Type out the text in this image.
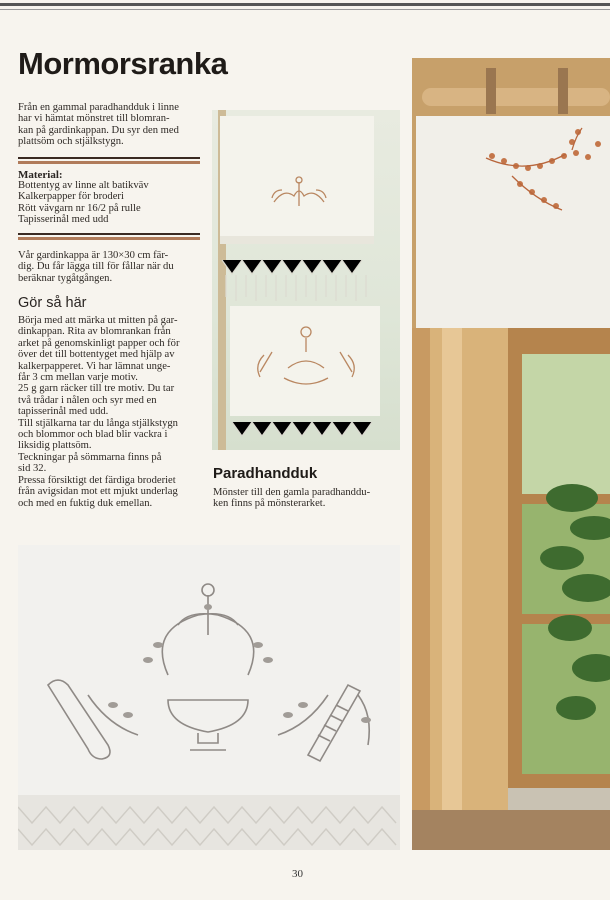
Mormorsranka

Från en gammal paradhandduk i linne
har vi hämtat mönstret till blomran-
kan på gardinkappan. Du syr den med
plattsöm och stjälkstygn.

Material:

Bottentyg av linne alt batikväv
Kalkerpapper för broderi
Rött vävgarn nr 16/2 på rulle
Tapisserinål med udd

Vår gardinkappa är 130×30 cm fär-
dig. Du får lägga till för fållar när du
beräknar tygåtgången.

Gör så här

Börja med att märka ut mitten på gar-
dinkappan. Rita av blomrankan från
arket på genomskinligt papper och för
över det till bottentyget med hjälp av
kalkerpapperet. Vi har lämnat unge-
får 3 cm mellan varje motiv.
25 g garn räcker till tre motiv. Du tar
två trådar i nålen och syr med en
tapisserinål med udd.
Till stjälkarna tar du långa stjälkstygn
och blommor och blad blir vackra i
liksidig plattsöm.
Teckningar på sömmarna finns på
sid 32.
Pressa försiktigt det färdiga broderiet
från avigsidan mot ett mjukt underlag
och med en fuktig duk emellan.

Paradhandduk

Mönster till den gamla paradhanddu-
ken finns på mönsterarket.

30
